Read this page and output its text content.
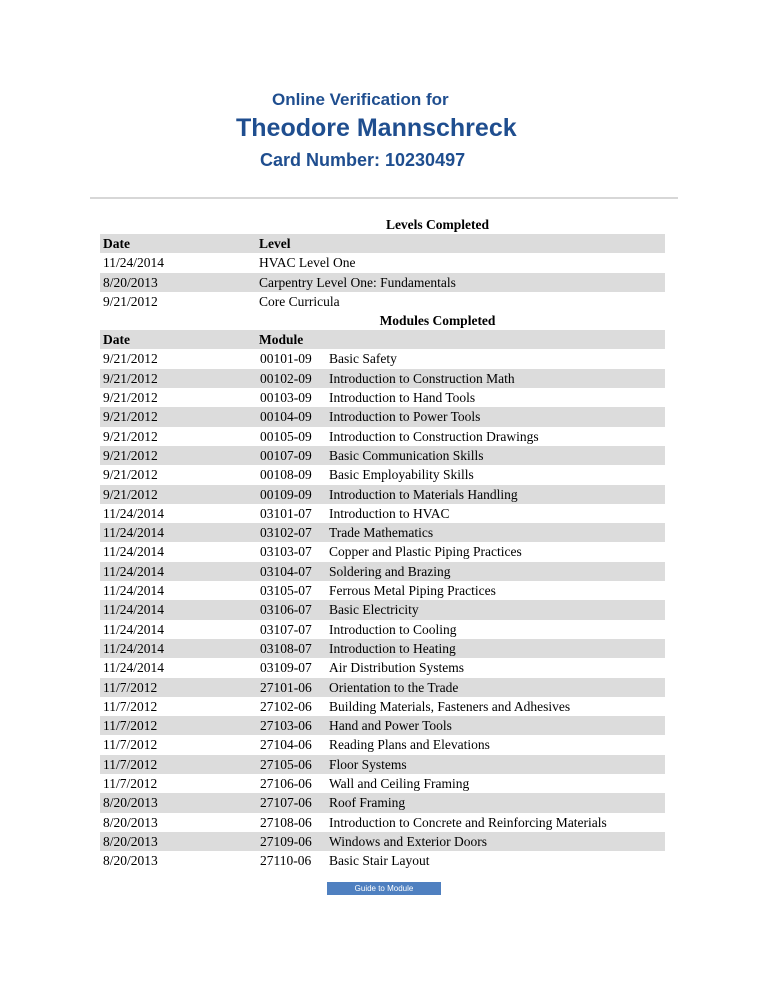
Online Verification for
Theodore Mannschreck
Card Number: 10230497
Levels Completed
Date	Level
11/24/2014	HVAC Level One
8/20/2013	Carpentry Level One: Fundamentals
9/21/2012	Core Curricula
Modules Completed
Date	Module
9/21/2012	00101-09	Basic Safety
9/21/2012	00102-09	Introduction to Construction Math
9/21/2012	00103-09	Introduction to Hand Tools
9/21/2012	00104-09	Introduction to Power Tools
9/21/2012	00105-09	Introduction to Construction Drawings
9/21/2012	00107-09	Basic Communication Skills
9/21/2012	00108-09	Basic Employability Skills
9/21/2012	00109-09	Introduction to Materials Handling
11/24/2014	03101-07	Introduction to HVAC
11/24/2014	03102-07	Trade Mathematics
11/24/2014	03103-07	Copper and Plastic Piping Practices
11/24/2014	03104-07	Soldering and Brazing
11/24/2014	03105-07	Ferrous Metal Piping Practices
11/24/2014	03106-07	Basic Electricity
11/24/2014	03107-07	Introduction to Cooling
11/24/2014	03108-07	Introduction to Heating
11/24/2014	03109-07	Air Distribution Systems
11/7/2012	27101-06	Orientation to the Trade
11/7/2012	27102-06	Building Materials, Fasteners and Adhesives
11/7/2012	27103-06	Hand and Power Tools
11/7/2012	27104-06	Reading Plans and Elevations
11/7/2012	27105-06	Floor Systems
11/7/2012	27106-06	Wall and Ceiling Framing
8/20/2013	27107-06	Roof Framing
8/20/2013	27108-06	Introduction to Concrete and Reinforcing Materials
8/20/2013	27109-06	Windows and Exterior Doors
8/20/2013	27110-06	Basic Stair Layout
Guide to Module
